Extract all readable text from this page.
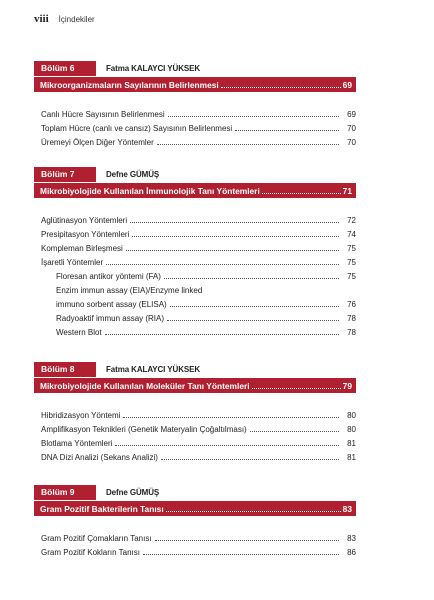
viii İçindekiler
Bölüm 6	Fatma KALAYCI YÜKSEK
Mikroorganizmaların Sayılarının Belirlenmesi	69
Canlı Hücre Sayısının Belirlenmesi	69
Toplam Hücre (canlı ve cansız) Sayısının Belirlenmesi	70
Üremeyi Ölçen Diğer Yöntemler	70
Bölüm 7	Defne GÜMÜŞ
Mikrobiyolojide Kullanılan İmmunolojik Tanı Yöntemleri	71
Aglütinasyon Yöntemleri	72
Presipitasyon Yöntemleri	74
Kompleman Birleşmesi	75
İşaretli Yöntemler	75
Floresan antikor yöntemi (FA)	75
Enzim immun assay (EIA)/Enzyme linked
immuno sorbent assay (ELISA)	76
Radyoaktif immun assay (RIA)	78
Western Blot	78
Bölüm 8	Fatma KALAYCI YÜKSEK
Mikrobiyolojide Kullanılan Moleküler Tanı Yöntemleri	79
Hibridizasyon Yöntemi	80
Amplifikasyon Teknikleri (Genetik Materyalin Çoğaltılması)	80
Blotlama Yöntemleri	81
DNA Dizi Analizi (Sekans Analizi)	81
Bölüm 9	Defne GÜMÜŞ
Gram Pozitif Bakterilerin Tanısı	83
Gram Pozitif Çomakların Tanısı	83
Gram Pozitif Kokların Tanısı	86
